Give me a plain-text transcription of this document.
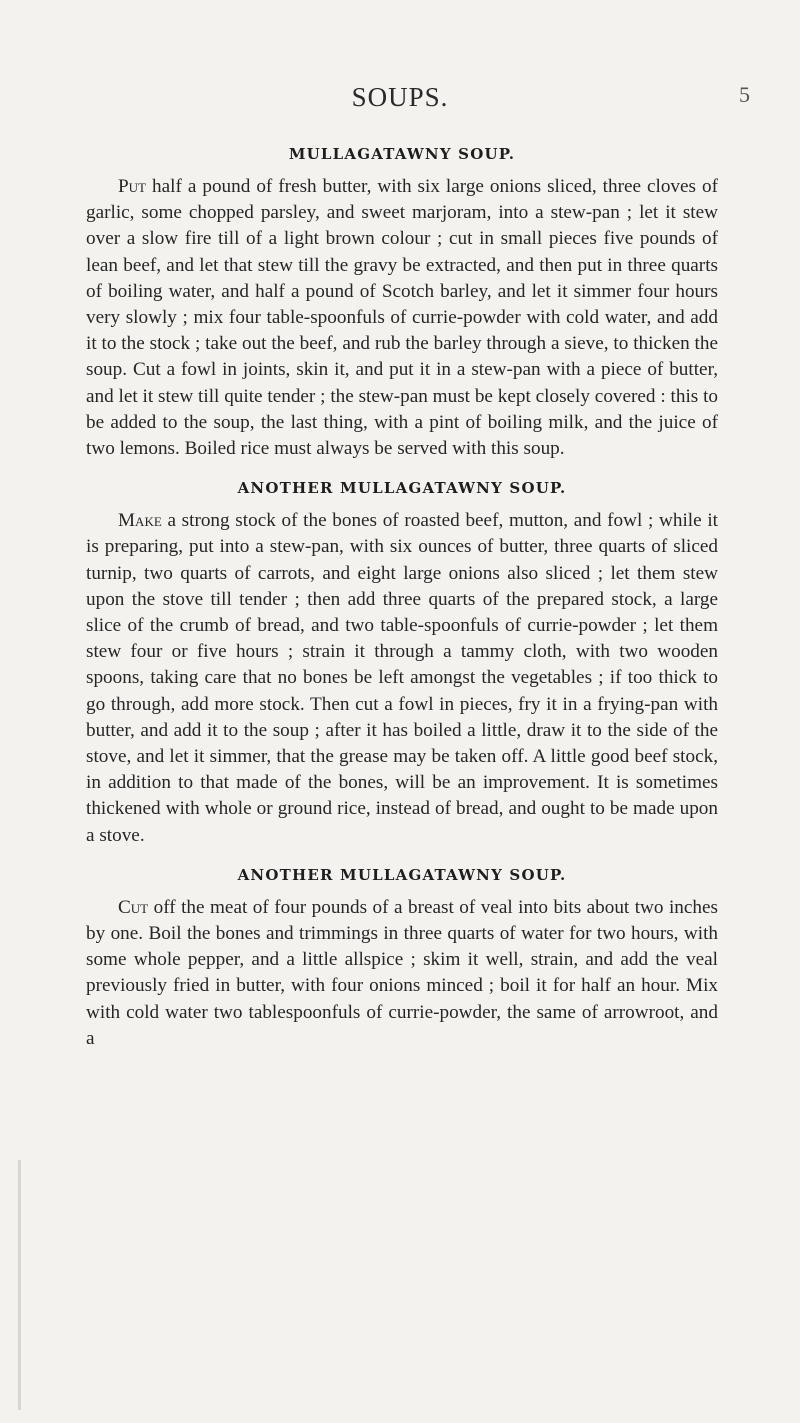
SOUPS.	5
MULLAGATAWNY SOUP.

Put half a pound of fresh butter, with six large onions sliced, three cloves of garlic, some chopped parsley, and sweet marjoram, into a stew-pan ; let it stew over a slow fire till of a light brown colour ; cut in small pieces five pounds of lean beef, and let that stew till the gravy be extracted, and then put in three quarts of boiling water, and half a pound of Scotch barley, and let it simmer four hours very slowly ; mix four table-spoonfuls of currie-powder with cold water, and add it to the stock ; take out the beef, and rub the barley through a sieve, to thicken the soup. Cut a fowl in joints, skin it, and put it in a stew-pan with a piece of butter, and let it stew till quite tender ; the stew-pan must be kept closely covered : this to be added to the soup, the last thing, with a pint of boiling milk, and the juice of two lemons. Boiled rice must always be served with this soup.

ANOTHER MULLAGATAWNY SOUP.

Make a strong stock of the bones of roasted beef, mutton, and fowl ; while it is preparing, put into a stew-pan, with six ounces of butter, three quarts of sliced turnip, two quarts of carrots, and eight large onions also sliced ; let them stew upon the stove till tender ; then add three quarts of the prepared stock, a large slice of the crumb of bread, and two table-spoonfuls of currie-powder ; let them stew four or five hours ; strain it through a tammy cloth, with two wooden spoons, taking care that no bones be left amongst the vegetables ; if too thick to go through, add more stock. Then cut a fowl in pieces, fry it in a frying-pan with butter, and add it to the soup ; after it has boiled a little, draw it to the side of the stove, and let it simmer, that the grease may be taken off. A little good beef stock, in addition to that made of the bones, will be an improvement. It is sometimes thickened with whole or ground rice, instead of bread, and ought to be made upon a stove.

ANOTHER MULLAGATAWNY SOUP.

Cut off the meat of four pounds of a breast of veal into bits about two inches by one. Boil the bones and trimmings in three quarts of water for two hours, with some whole pepper, and a little allspice ; skim it well, strain, and add the veal previously fried in butter, with four onions minced ; boil it for half an hour. Mix with cold water two tablespoonfuls of currie-powder, the same of arrowroot, and a
